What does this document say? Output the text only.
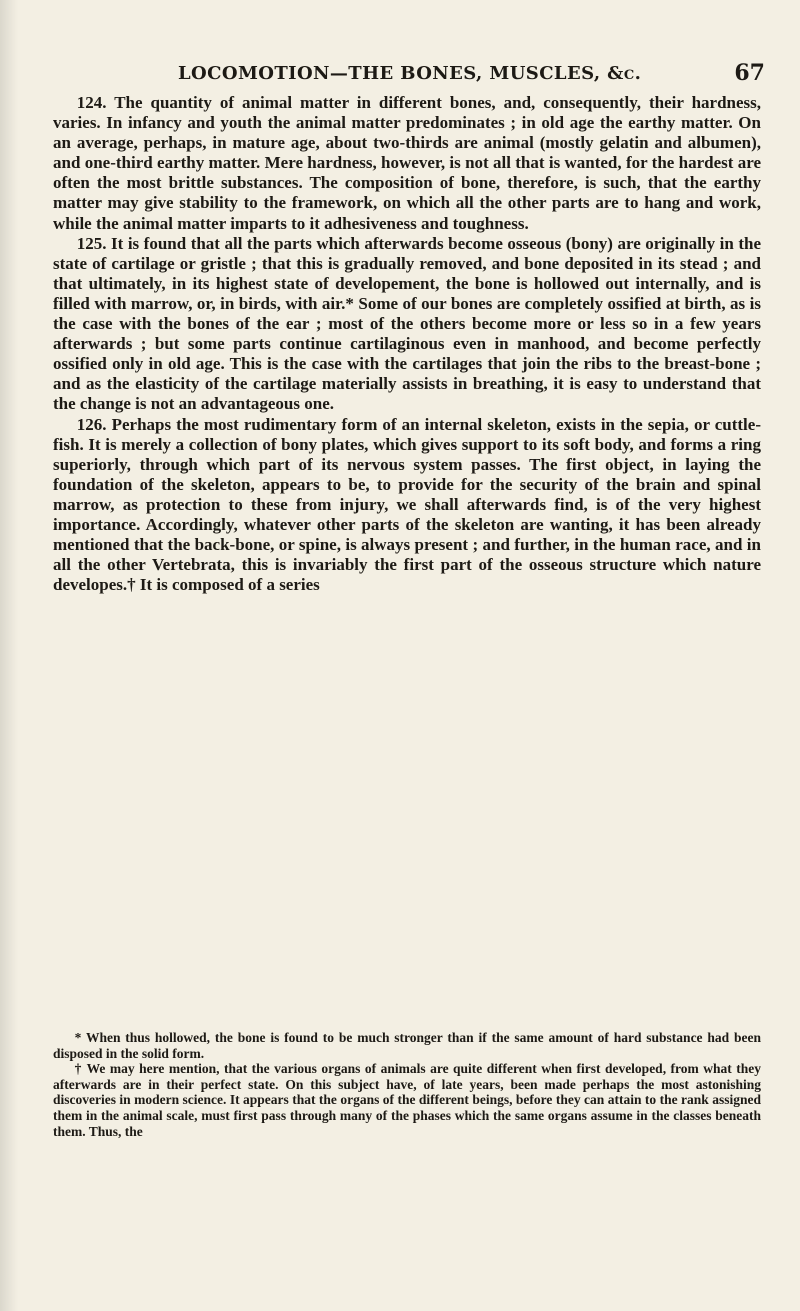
LOCOMOTION—THE BONES, MUSCLES, &c.	67

124. The quantity of animal matter in different bones, and, consequently, their hardness, varies. In infancy and youth the animal matter predominates ; in old age the earthy matter. On an average, perhaps, in mature age, about two-thirds are animal (mostly gelatin and albumen), and one-third earthy matter. Mere hardness, however, is not all that is wanted, for the hardest are often the most brittle substances. The composition of bone, therefore, is such, that the earthy matter may give stability to the framework, on which all the other parts are to hang and work, while the animal matter imparts to it adhesiveness and toughness.

125. It is found that all the parts which afterwards become osseous (bony) are originally in the state of cartilage or gristle ; that this is gradually removed, and bone deposited in its stead ; and that ultimately, in its highest state of developement, the bone is hollowed out internally, and is filled with marrow, or, in birds, with air.* Some of our bones are completely ossified at birth, as is the case with the bones of the ear ; most of the others become more or less so in a few years afterwards ; but some parts continue cartilaginous even in manhood, and become perfectly ossified only in old age. This is the case with the cartilages that join the ribs to the breast-bone ; and as the elasticity of the cartilage materially assists in breathing, it is easy to understand that the change is not an advantageous one.

126. Perhaps the most rudimentary form of an internal skeleton, exists in the sepia, or cuttle-fish. It is merely a collection of bony plates, which gives support to its soft body, and forms a ring superiorly, through which part of its nervous system passes. The first object, in laying the foundation of the skeleton, appears to be, to provide for the security of the brain and spinal marrow, as protection to these from injury, we shall afterwards find, is of the very highest importance. Accordingly, whatever other parts of the skeleton are wanting, it has been already mentioned that the back-bone, or spine, is always present ; and further, in the human race, and in all the other Vertebrata, this is invariably the first part of the osseous structure which nature developes.† It is composed of a series

* When thus hollowed, the bone is found to be much stronger than if the same amount of hard substance had been disposed in the solid form.

† We may here mention, that the various organs of animals are quite different when first developed, from what they afterwards are in their perfect state. On this subject have, of late years, been made perhaps the most astonishing discoveries in modern science. It appears that the organs of the different beings, before they can attain to the rank assigned them in the animal scale, must first pass through many of the phases which the same organs assume in the classes beneath them. Thus, the
